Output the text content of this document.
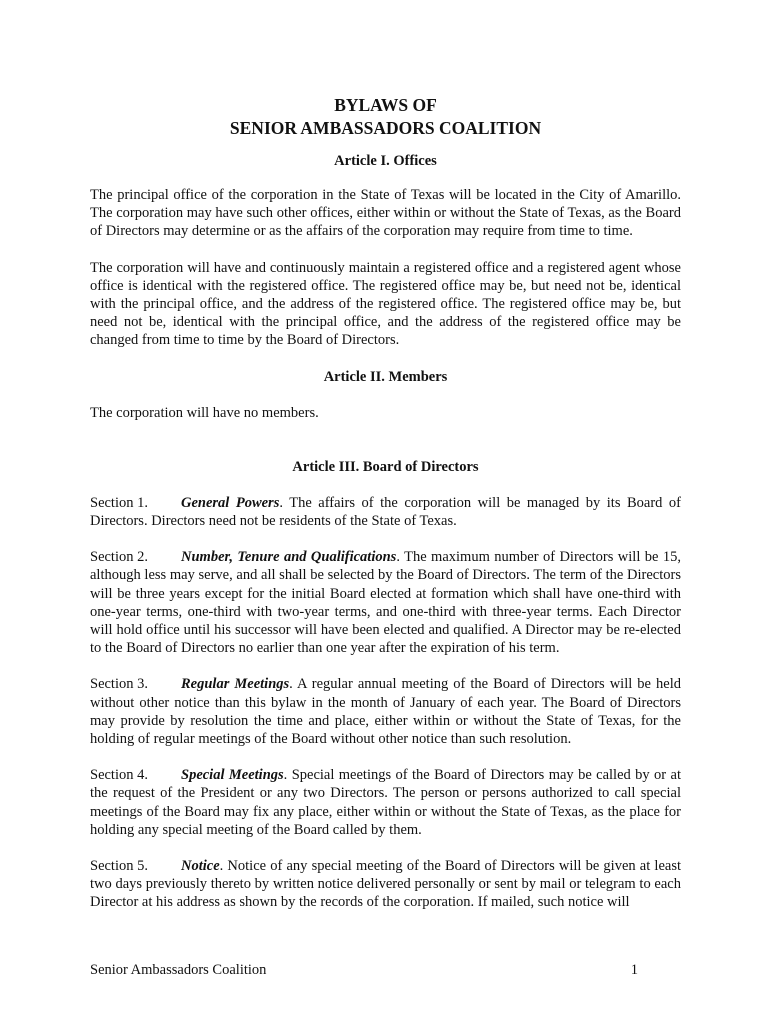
BYLAWS OF

SENIOR AMBASSADORS COALITION

Article I. Offices

The principal office of the corporation in the State of Texas will be located in the City of Amarillo. The corporation may have such other offices, either within or without the State of Texas, as the Board of Directors may determine or as the affairs of the corporation may require from time to time.

The corporation will have and continuously maintain a registered office and a registered agent whose office is identical with the registered office. The registered office may be, but need not be, identical with the principal office, and the address of the registered office. The registered office may be, but need not be, identical with the principal office, and the address of the registered office may be changed from time to time by the Board of Directors.

Article II. Members

The corporation will have no members.

Article III. Board of Directors

Section 1. General Powers. The affairs of the corporation will be managed by its Board of Directors. Directors need not be residents of the State of Texas.

Section 2. Number, Tenure and Qualifications. The maximum number of Directors will be 15, although less may serve, and all shall be selected by the Board of Directors. The term of the Directors will be three years except for the initial Board elected at formation which shall have one-third with one-year terms, one-third with two-year terms, and one-third with three-year terms. Each Director will hold office until his successor will have been elected and qualified. A Director may be re-elected to the Board of Directors no earlier than one year after the expiration of his term.

Section 3. Regular Meetings. A regular annual meeting of the Board of Directors will be held without other notice than this bylaw in the month of January of each year. The Board of Directors may provide by resolution the time and place, either within or without the State of Texas, for the holding of regular meetings of the Board without other notice than such resolution.

Section 4. Special Meetings. Special meetings of the Board of Directors may be called by or at the request of the President or any two Directors. The person or persons authorized to call special meetings of the Board may fix any place, either within or without the State of Texas, as the place for holding any special meeting of the Board called by them.

Section 5. Notice. Notice of any special meeting of the Board of Directors will be given at least two days previously thereto by written notice delivered personally or sent by mail or telegram to each Director at his address as shown by the records of the corporation. If mailed, such notice will

Senior Ambassadors Coalition	1
